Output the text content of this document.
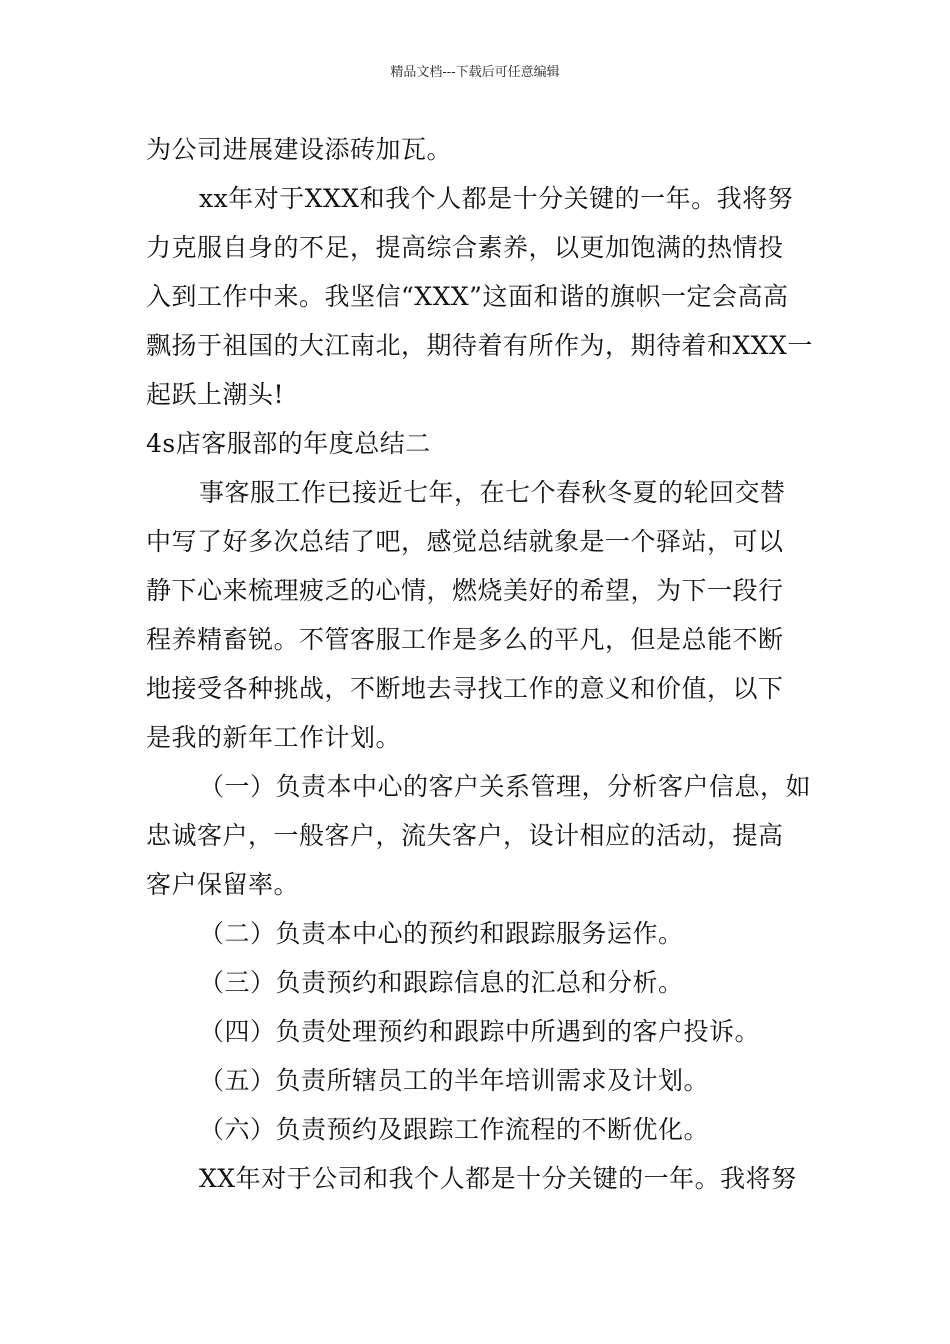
精品文档---下载后可任意编辑
为公司进展建设添砖加瓦。
xx年对于XXX和我个人都是十分关键的一年。我将努
力克服自身的不足，提高综合素养，以更加饱满的热情投
入到工作中来。我坚信“XXX”这面和谐的旗帜一定会高高
飘扬于祖国的大江南北，期待着有所作为，期待着和XXX一
起跃上潮头!
4s店客服部的年度总结二
事客服工作已接近七年，在七个春秋冬夏的轮回交替
中写了好多次总结了吧，感觉总结就象是一个驿站，可以
静下心来梳理疲乏的心情，燃烧美好的希望，为下一段行
程养精畜锐。不管客服工作是多么的平凡，但是总能不断
地接受各种挑战，不断地去寻找工作的意义和价值，以下
是我的新年工作计划。
（一）负责本中心的客户关系管理，分析客户信息，如
忠诚客户，一般客户，流失客户，设计相应的活动，提高
客户保留率。
（二）负责本中心的预约和跟踪服务运作。
（三）负责预约和跟踪信息的汇总和分析。
（四）负责处理预约和跟踪中所遇到的客户投诉。
（五）负责所辖员工的半年培训需求及计划。
（六）负责预约及跟踪工作流程的不断优化。
XX年对于公司和我个人都是十分关键的一年。我将努
